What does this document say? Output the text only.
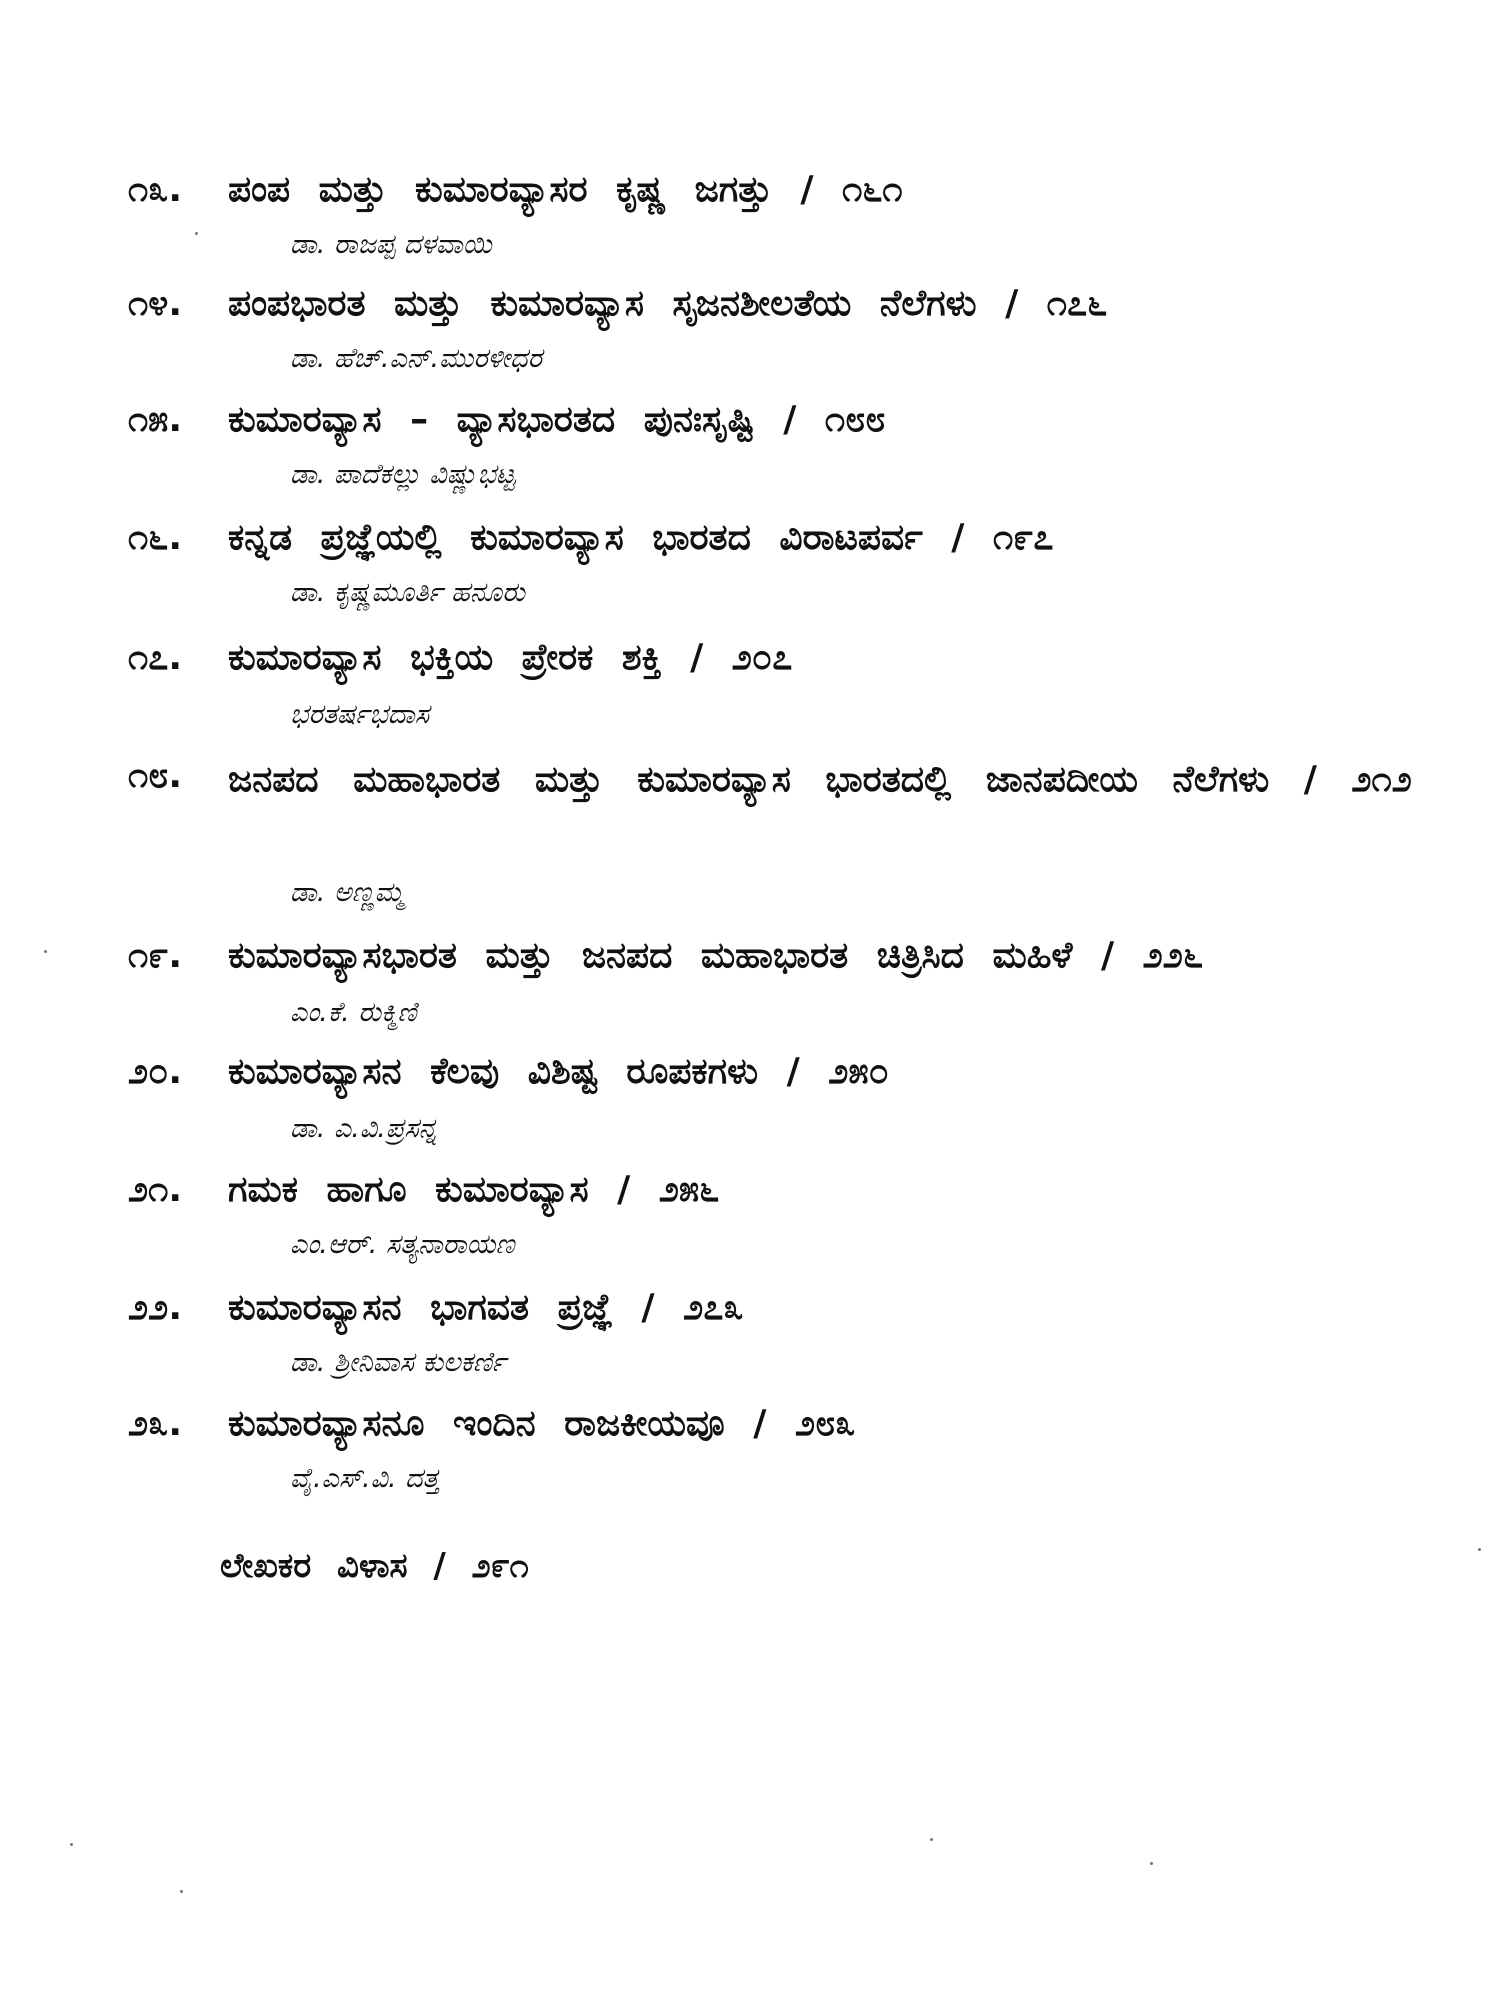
೧೩.	ಪಂಪ ಮತ್ತು ಕುಮಾರವ್ಯಾಸರ ಕೃಷ್ಣ ಜಗತ್ತು / ೧೬೧
ಡಾ. ರಾಜಪ್ಪ ದಳವಾಯಿ
೧೪.	ಪಂಪಭಾರತ ಮತ್ತು ಕುಮಾರವ್ಯಾಸ ಸೃಜನಶೀಲತೆಯ ನೆಲೆಗಳು / ೧೭೬
ಡಾ. ಹೆಚ್.ಎನ್.ಮುರಳೀಧರ
೧೫.	ಕುಮಾರವ್ಯಾಸ – ವ್ಯಾಸಭಾರತದ ಪುನಃಸೃಷ್ಟಿ / ೧೮೮
ಡಾ. ಪಾದೆಕಲ್ಲು ವಿಷ್ಣುಭಟ್ಟ
೧೬.	ಕನ್ನಡ ಪ್ರಜ್ಞೆಯಲ್ಲಿ ಕುಮಾರವ್ಯಾಸ ಭಾರತದ ವಿರಾಟಪರ್ವ / ೧೯೭
ಡಾ. ಕೃಷ್ಣಮೂರ್ತಿ ಹನೂರು
೧೭.	ಕುಮಾರವ್ಯಾಸ ಭಕ್ತಿಯ ಪ್ರೇರಕ ಶಕ್ತಿ / ೨೦೭
ಭರತರ್ಷಭದಾಸ
೧೮.	ಜನಪದ ಮಹಾಭಾರತ ಮತ್ತು ಕುಮಾರವ್ಯಾಸ ಭಾರತದಲ್ಲಿ ಜಾನಪದೀಯ ನೆಲೆಗಳು / ೨೧೨
ಡಾ. ಅಣ್ಣಮ್ಮ
೧೯.	ಕುಮಾರವ್ಯಾಸಭಾರತ ಮತ್ತು ಜನಪದ ಮಹಾಭಾರತ ಚಿತ್ರಿಸಿದ ಮಹಿಳೆ / ೨೨೬
ಎಂ.ಕೆ. ರುಕ್ಮಿಣಿ
೨೦.	ಕುಮಾರವ್ಯಾಸನ ಕೆಲವು ವಿಶಿಷ್ಟ ರೂಪಕಗಳು / ೨೫೦
ಡಾ. ಎ.ವಿ.ಪ್ರಸನ್ನ
೨೧.	ಗಮಕ ಹಾಗೂ ಕುಮಾರವ್ಯಾಸ / ೨೫೬
ಎಂ.ಆರ್. ಸತ್ಯನಾರಾಯಣ
೨೨.	ಕುಮಾರವ್ಯಾಸನ ಭಾಗವತ ಪ್ರಜ್ಞೆ / ೨೭೩
ಡಾ. ಶ್ರೀನಿವಾಸ ಕುಲಕರ್ಣಿ
೨೩.	ಕುಮಾರವ್ಯಾಸನೂ ಇಂದಿನ ರಾಜಕೀಯವೂ / ೨೮೩
ವೈ.ಎಸ್.ವಿ. ದತ್ತ
ಲೇಖಕರ ವಿಳಾಸ / ೨೯೧
